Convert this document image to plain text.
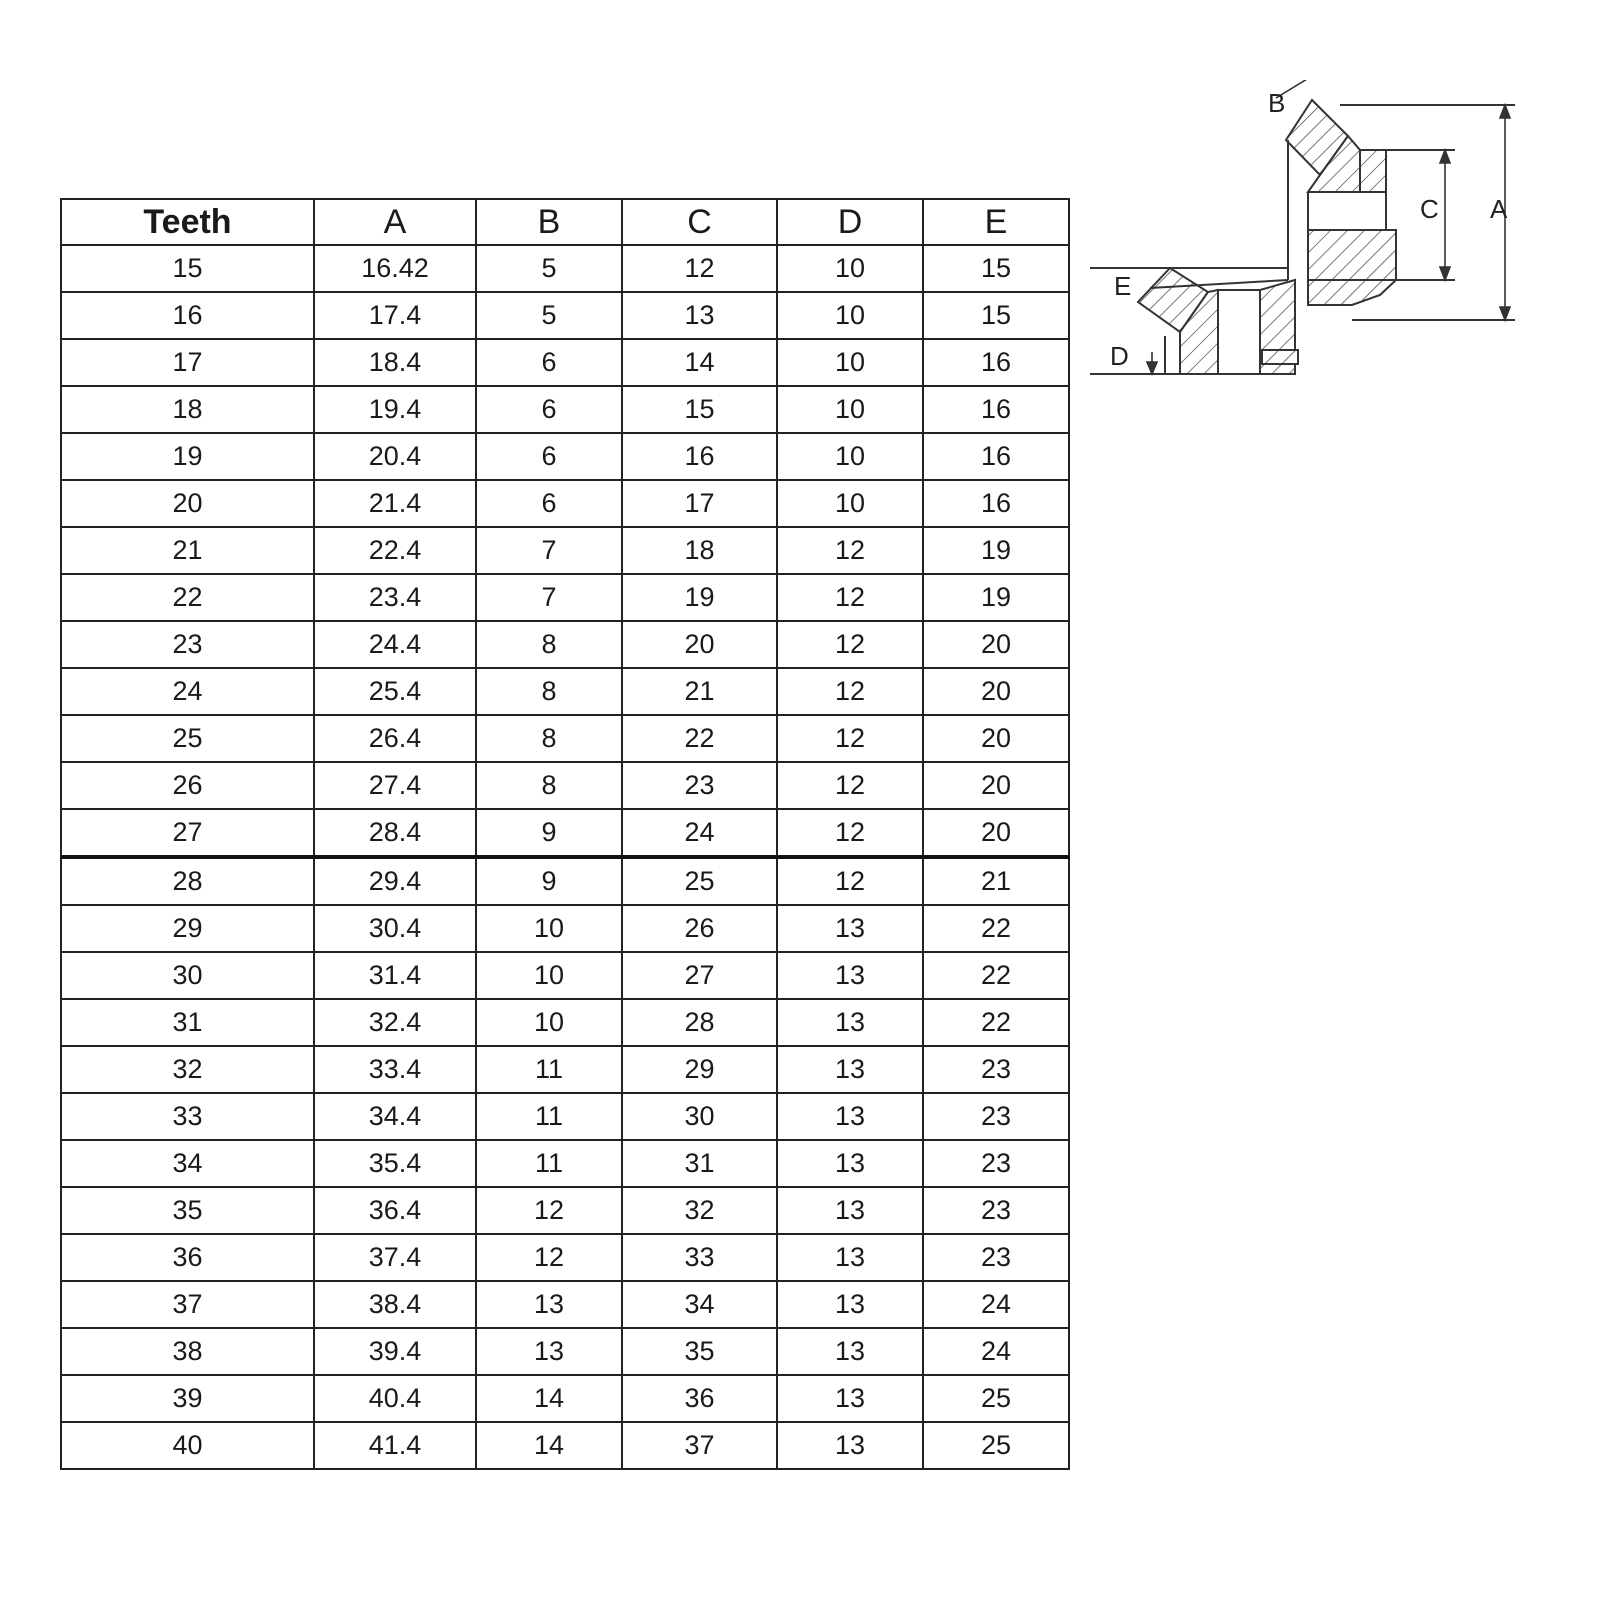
Teeth	A	B	C	D	E
15	16.42	5	12	10	15
16	17.4	5	13	10	15
17	18.4	6	14	10	16
18	19.4	6	15	10	16
19	20.4	6	16	10	16
20	21.4	6	17	10	16
21	22.4	7	18	12	19
22	23.4	7	19	12	19
23	24.4	8	20	12	20
24	25.4	8	21	12	20
25	26.4	8	22	12	20
26	27.4	8	23	12	20
27	28.4	9	24	12	20
28	29.4	9	25	12	21
29	30.4	10	26	13	22
30	31.4	10	27	13	22
31	32.4	10	28	13	22
32	33.4	11	29	13	23
33	34.4	11	30	13	23
34	35.4	11	31	13	23
35	36.4	12	32	13	23
36	37.4	12	33	13	23
37	38.4	13	34	13	24
38	39.4	13	35	13	24
39	40.4	14	36	13	25
40	41.4	14	37	13	25
A
B
C
D
E
